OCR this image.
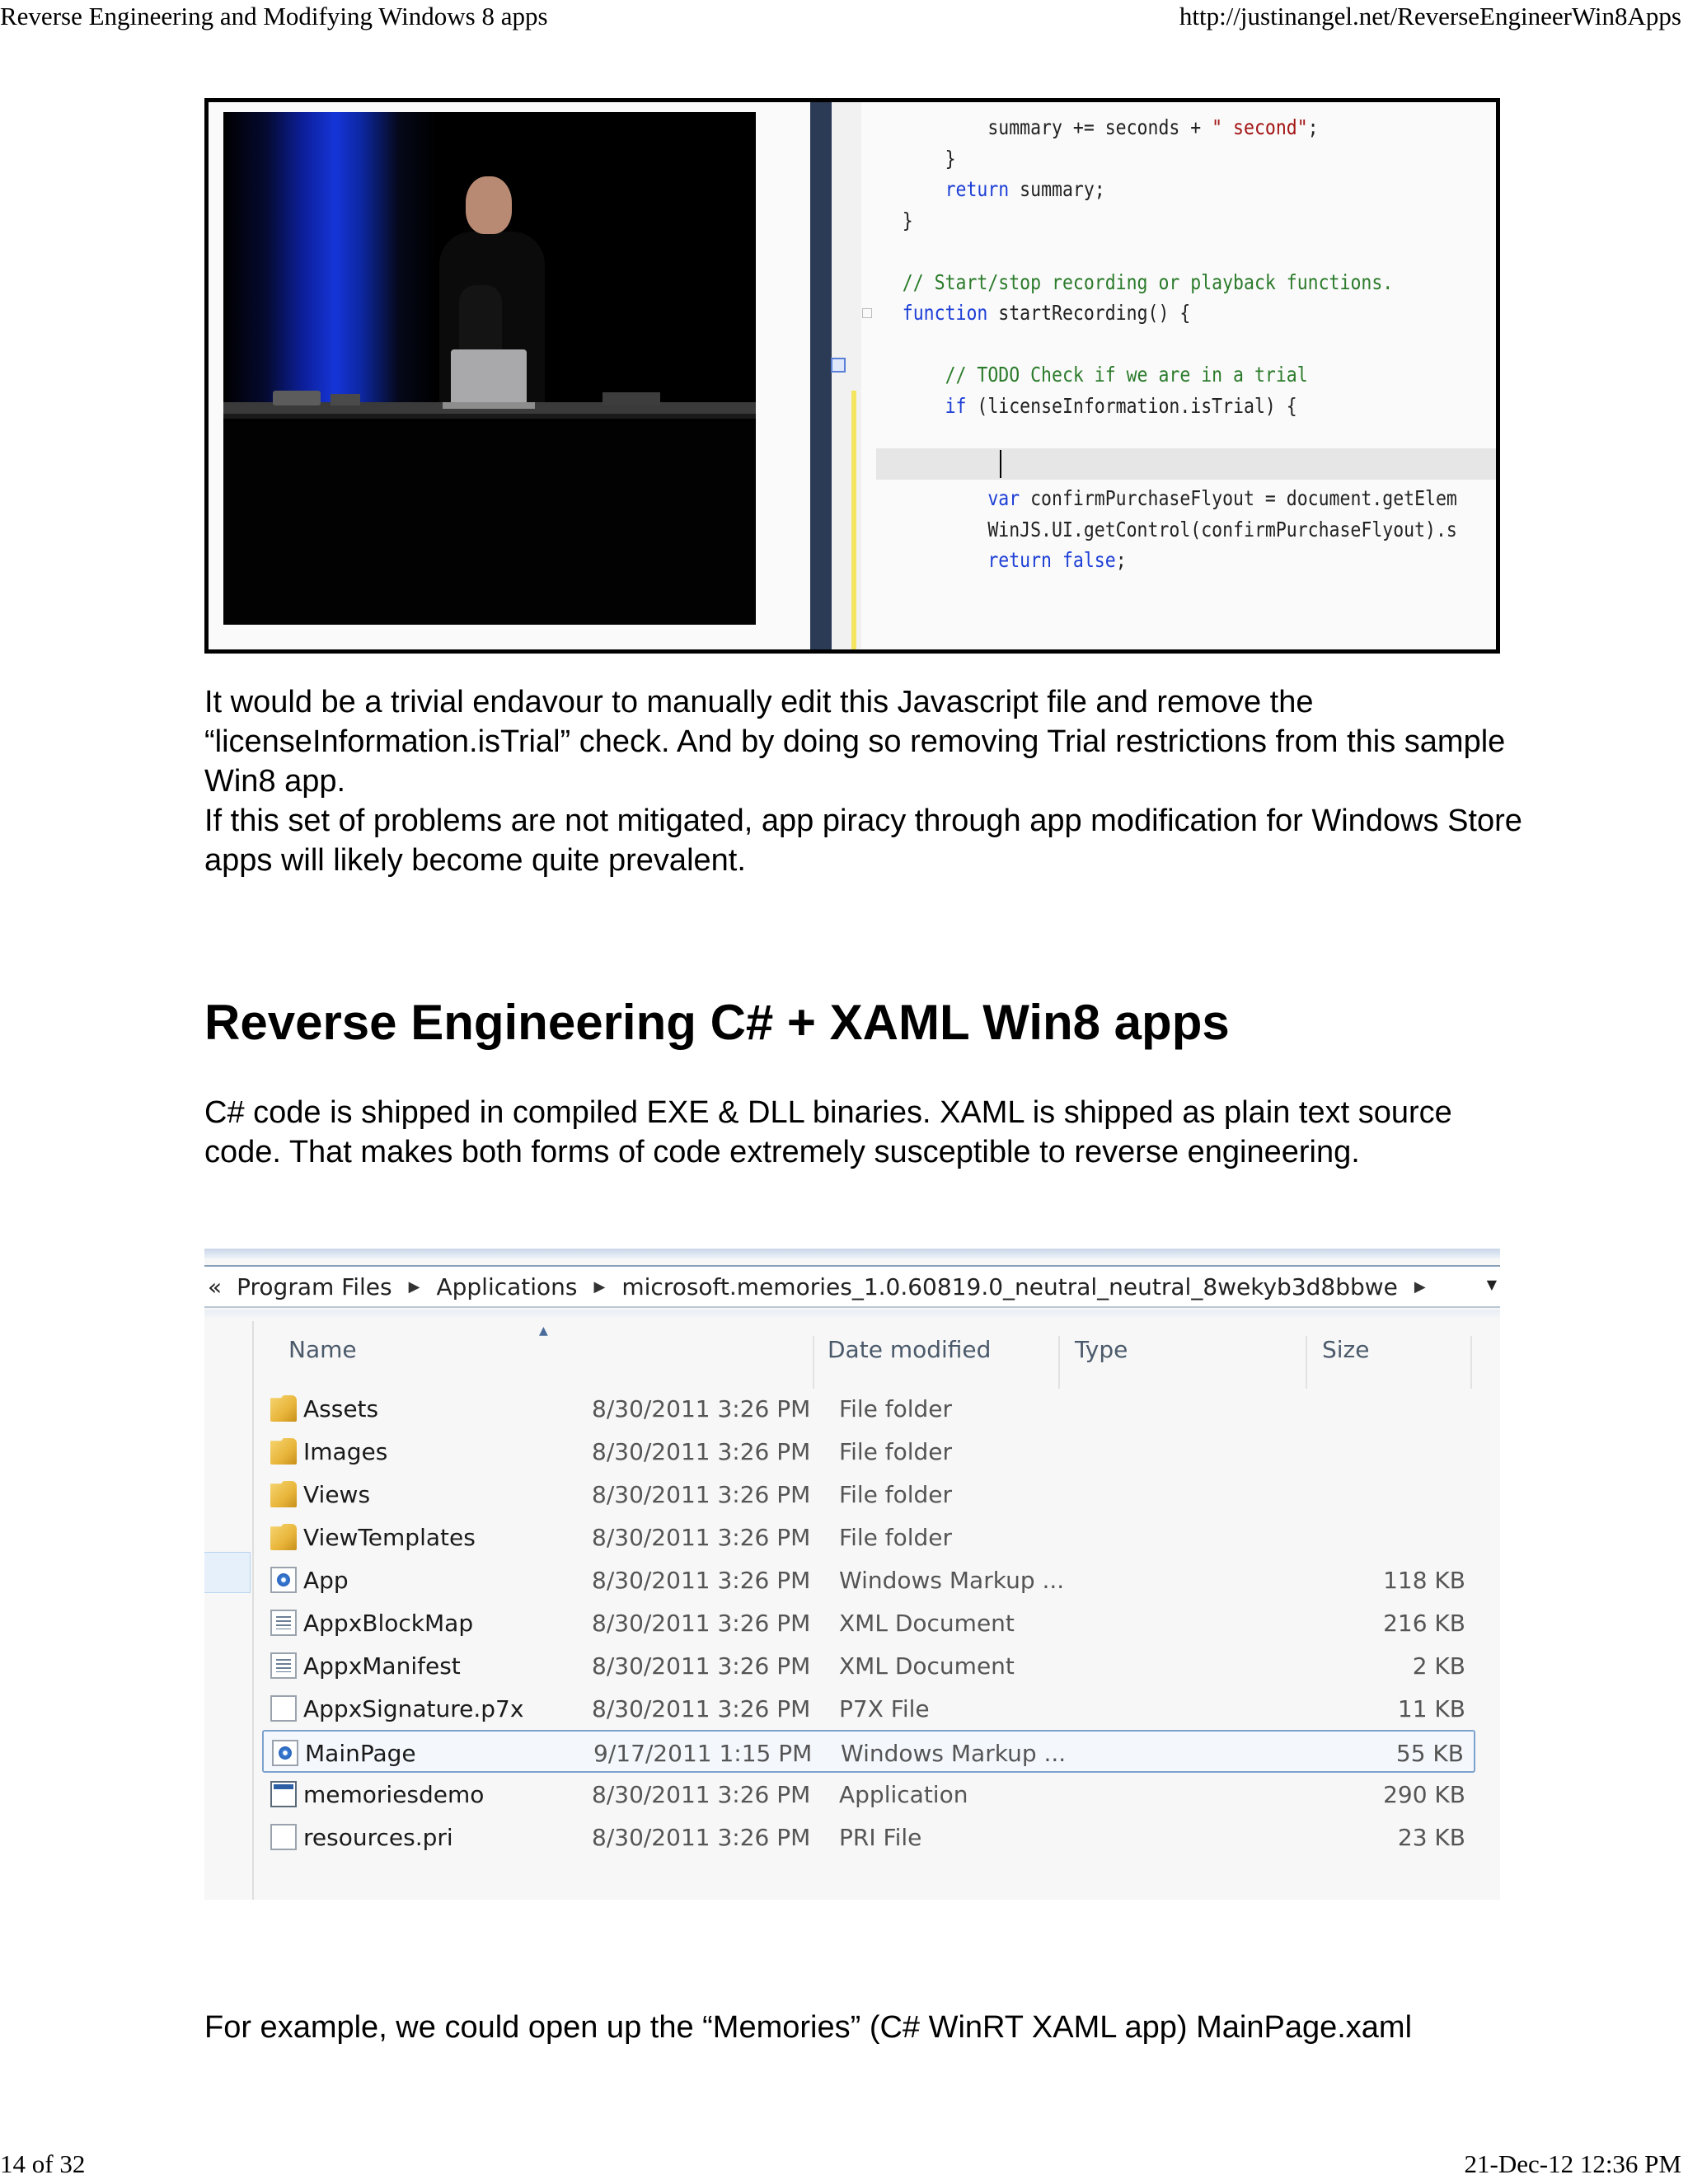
Reverse Engineering and Modifying Windows 8 apps	http://justinangel.net/ReverseEngineerWin8Apps
summary += seconds + " second";
}
return summary;
}
// Start/stop recording or playback functions.
function startRecording() {
// TODO Check if we are in a trial
if (licenseInformation.isTrial) {
var confirmPurchaseFlyout = document.getElem
WinJS.UI.getControl(confirmPurchaseFlyout).s
return false;
It would be a trivial endavour to manually edit this Javascript file and remove the “licenseInformation.isTrial” check. And by doing so removing Trial restrictions from this sample Win8 app.
If this set of problems are not mitigated, app piracy through app modification for Windows Store apps will likely become quite prevalent.
Reverse Engineering C# + XAML Win8 apps
C# code is shipped in compiled EXE & DLL binaries. XAML is shipped as plain text source code. That makes both forms of code extremely susceptible to reverse engineering.
« Program Files	▶ Applications	▶ microsoft.memories_1.0.60819.0_neutral_neutral_8wekyb3d8bbwe	▶	▼
▲
Name	Date modified	Type	Size
Assets	8/30/2011 3:26 PM File folder
Images	8/30/2011 3:26 PM File folder
Views	8/30/2011 3:26 PM File folder
ViewTemplates	8/30/2011 3:26 PM File folder
App	8/30/2011 3:26 PM Windows Markup ...	118 KB
AppxBlockMap	8/30/2011 3:26 PM XML Document	216 KB
AppxManifest	8/30/2011 3:26 PM XML Document	2 KB
AppxSignature.p7x	8/30/2011 3:26 PM P7X File	11 KB
MainPage	9/17/2011 1:15 PM Windows Markup ...	55 KB
memoriesdemo	8/30/2011 3:26 PM Application	290 KB
resources.pri	8/30/2011 3:26 PM PRI File	23 KB
For example, we could open up the “Memories” (C# WinRT XAML app) MainPage.xaml
14 of 32	21-Dec-12 12:36 PM
